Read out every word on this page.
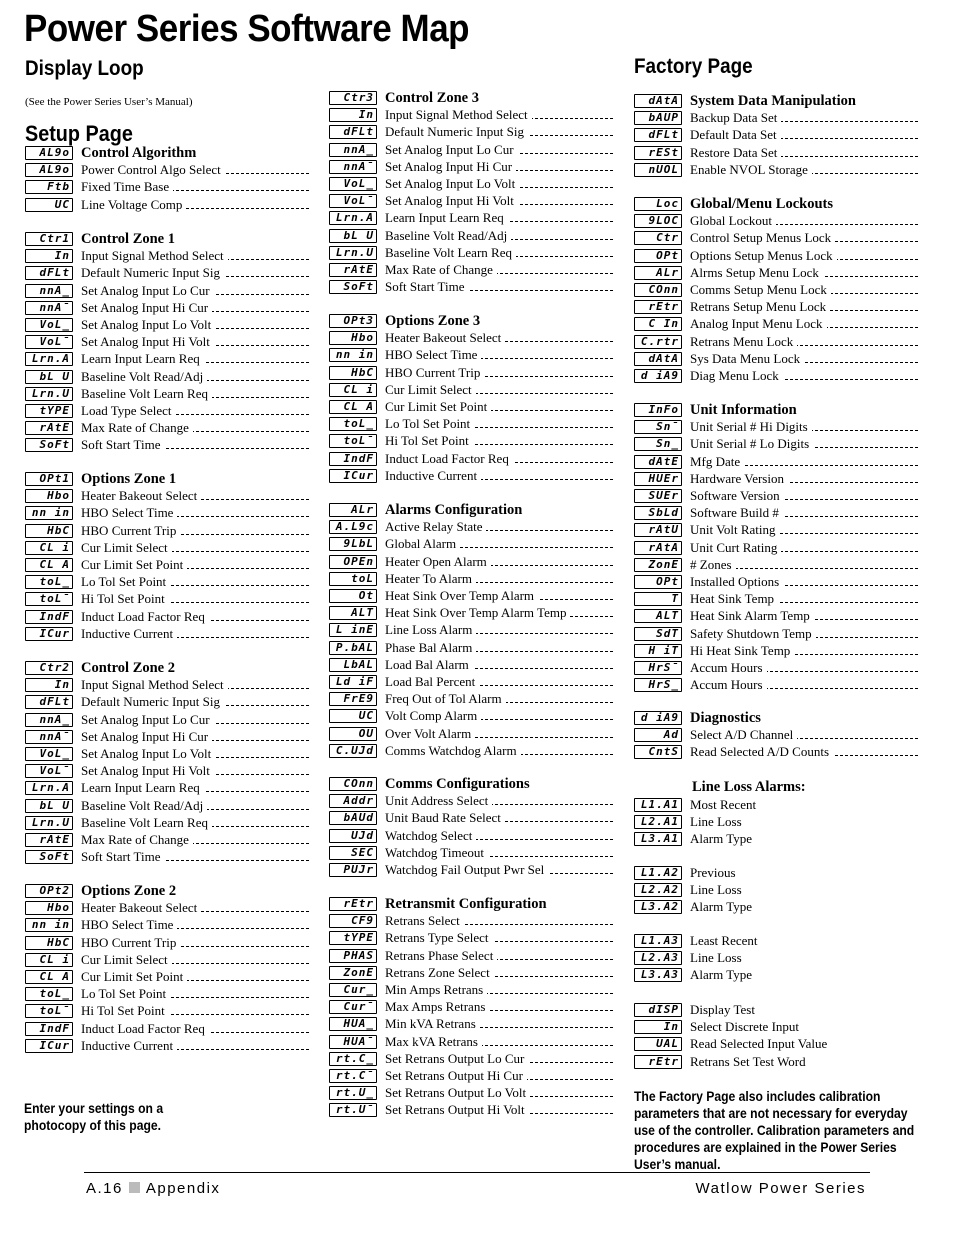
Power Series Software Map
Display Loop
(See the Power Series User’s Manual)
Setup Page
AL9o Control Algorithm
AL9o Power Control Algo Select
Ftb Fixed Time Base
UC Line Voltage Comp
Ctr1 Control Zone 1
In Input Signal Method Select
dFLt Default Numeric Input Sig
nnA_ Set Analog Input Lo Cur
nnA¯ Set Analog Input Hi Cur
VoL_ Set Analog Input Lo Volt
VoL¯ Set Analog Input Hi Volt
Lrn.A Learn Input Learn Req
bL U Baseline Volt Read/Adj
Lrn.U Baseline Volt Learn Req
tYPE Load Type Select
rAtE Max Rate of Change
SoFt Soft Start Time
OPt1 Options Zone 1
Hbo Heater Bakeout Select
nn in HBO Select Time
HbC HBO Current Trip
CL i Cur Limit Select
CL A Cur Limit Set Point
toL_ Lo Tol Set Point
toL¯ Hi Tol Set Point
IndF Induct Load Factor Req
ICur Inductive Current
Ctr2 Control Zone 2
In Input Signal Method Select
dFLt Default Numeric Input Sig
nnA_ Set Analog Input Lo Cur
nnA¯ Set Analog Input Hi Cur
VoL_ Set Analog Input Lo Volt
VoL¯ Set Analog Input Hi Volt
Lrn.A Learn Input Learn Req
bL U Baseline Volt Read/Adj
Lrn.U Baseline Volt Learn Req
rAtE Max Rate of Change
SoFt Soft Start Time
OPt2 Options Zone 2
Hbo Heater Bakeout Select
nn in HBO Select Time
HbC HBO Current Trip
CL i Cur Limit Select
CL A Cur Limit Set Point
toL_ Lo Tol Set Point
toL¯ Hi Tol Set Point
IndF Induct Load Factor Req
ICur Inductive Current
Ctr3 Control Zone 3
In Input Signal Method Select
dFLt Default Numeric Input Sig
nnA_ Set Analog Input Lo Cur
nnA¯ Set Analog Input Hi Cur
VoL_ Set Analog Input Lo Volt
VoL¯ Set Analog Input Hi Volt
Lrn.A Learn Input Learn Req
bL U Baseline Volt Read/Adj
Lrn.U Baseline Volt Learn Req
rAtE Max Rate of Change
SoFt Soft Start Time
OPt3 Options Zone 3
Hbo Heater Bakeout Select
nn in HBO Select Time
HbC HBO Current Trip
CL i Cur Limit Select
CL A Cur Limit Set Point
toL_ Lo Tol Set Point
toL¯ Hi Tol Set Point
IndF Induct Load Factor Req
ICur Inductive Current
ALr Alarms Configuration
A.L9c Active Relay State
9LbL Global Alarm
OPEn Heater Open Alarm
toL Heater To Alarm
Ot Heat Sink Over Temp Alarm
ALT Heat Sink Over Temp Alarm Temp
L inE Line Loss Alarm
P.bAL Phase Bal Alarm
LbAL Load Bal Alarm
Ld iF Load Bal Percent
FrE9 Freq Out of Tol Alarm
UC Volt Comp Alarm
OU Over Volt Alarm
C.UJd Comms Watchdog Alarm
COnn Comms Configurations
Addr Unit Address Select
bAUd Unit Baud Rate Select
UJd Watchdog Select
SEC Watchdog Timeout
PUJr Watchdog Fail Output Pwr Sel
rEtr Retransmit Configuration
CF9 Retrans Select
tYPE Retrans Type Select
PHAS Retrans Phase Select
ZonE Retrans Zone Select
Cur_ Min Amps Retrans
Cur¯ Max Amps Retrans
HUA_ Min kVA Retrans
HUA¯ Max kVA Retrans
rt.C_ Set Retrans Output Lo Cur
rt.C¯ Set Retrans Output Hi Cur
rt.U_ Set Retrans Output Lo Volt
rt.U¯ Set Retrans Output Hi Volt
dAtA System Data Manipulation
bAUP Backup Data Set
dFLt Default Data Set
rESt Restore Data Set
nUOL Enable NVOL Storage
Loc Global/Menu Lockouts
9LOC Global Lockout
Ctr Control Setup Menus Lock
OPt Options Setup Menus Lock
ALr Alrms Setup Menu Lock
COnn Comms Setup Menu Lock
rEtr Retrans Setup Menu Lock
C In Analog Input Menu Lock
C.rtr Retrans Menu Lock
dAtA Sys Data Menu Lock
d iA9 Diag Menu Lock
InFo Unit Information
Sn¯ Unit Serial # Hi Digits
Sn_ Unit Serial # Lo Digits
dAtE Mfg Date
HUEr Hardware Version
SUEr Software Version
SbLd Software Build #
rAtU Unit Volt Rating
rAtA Unit Curt Rating
ZonE # Zones
OPt Installed Options
T Heat Sink Temp
ALT Heat Sink Alarm Temp
SdT Safety Shutdown Temp
H iT Hi Heat Sink Temp
HrS¯ Accum Hours
HrS_ Accum Hours
d iA9 Diagnostics
Ad Select A/D Channel
CntS Read Selected A/D Counts
Factory Page
Enter your settings on a photocopy of this page.
Line Loss Alarms:
L1.A1 Most Recent
L2.A1 Line Loss
L3.A1 Alarm Type
L1.A2 Previous
L2.A2 Line Loss
L3.A2 Alarm Type
L1.A3 Least Recent
L2.A3 Line Loss
L3.A3 Alarm Type
dISP Display Test
In Select Discrete Input
UAL Read Selected Input Value
rEtr Retrans Set Test Word
The Factory Page also includes calibration parameters that are not necessary for everyday use of the controller. Calibration parameters and procedures are explained in the Power Series User’s manual.
A.16 Appendix	Watlow Power Series
